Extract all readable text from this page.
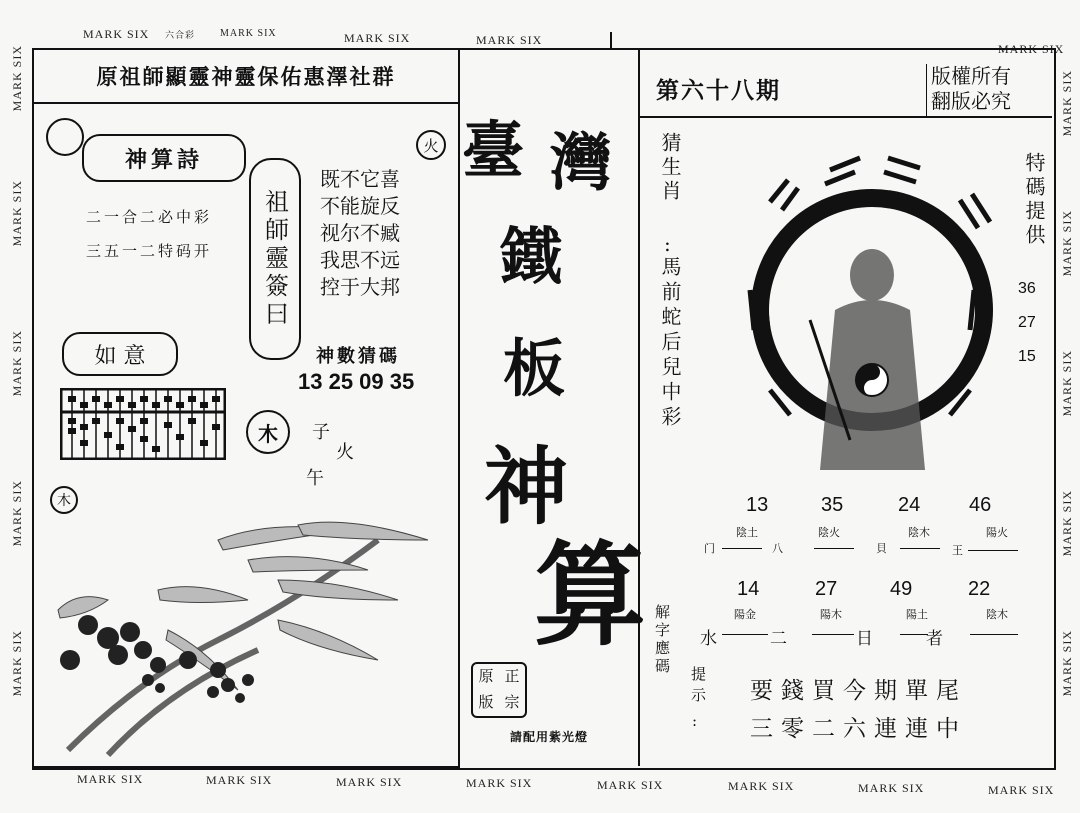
MARK SIX 六合彩 MARK SIX	MARK SIX	MARK SIX
MARK SIX
MARK SIX	MARK SIX	MARK SIX	MARK SIX	MARK SIX	MARK SIX	MARK SIX	MARK SIX
MARK SIX
MARK SIX
MARK SIX
MARK SIX
MARK SIX
MARK SIX
MARK SIX
MARK SIX
MARK SIX
MARK SIX
原祖師顯靈神靈保佑惠澤社群
神算詩
火
二一合二必中彩
三五一二特码开	祖師靈簽曰
既不它喜
不能旋反
视尔不臧
我思不远
控于大邦
神數猜碼
13 25 09 35
如 意
木	子
火
午
木
臺 灣
鐵
板
神
算
原 正
版 宗
請配用紫光燈
第六十八期
版權所有
翻版必究
猜生肖
:
馬前蛇后兒中彩
特碼提供
36
27
15
13	35	24 46
陰土	陰火	陰木	陽火
门	八	貝	王
14	27	49	22
陽金	陽木	陽土	陰木
水	二	日	者
解字應碼
提示
:
要錢買今期單尾
三零二六連連中
